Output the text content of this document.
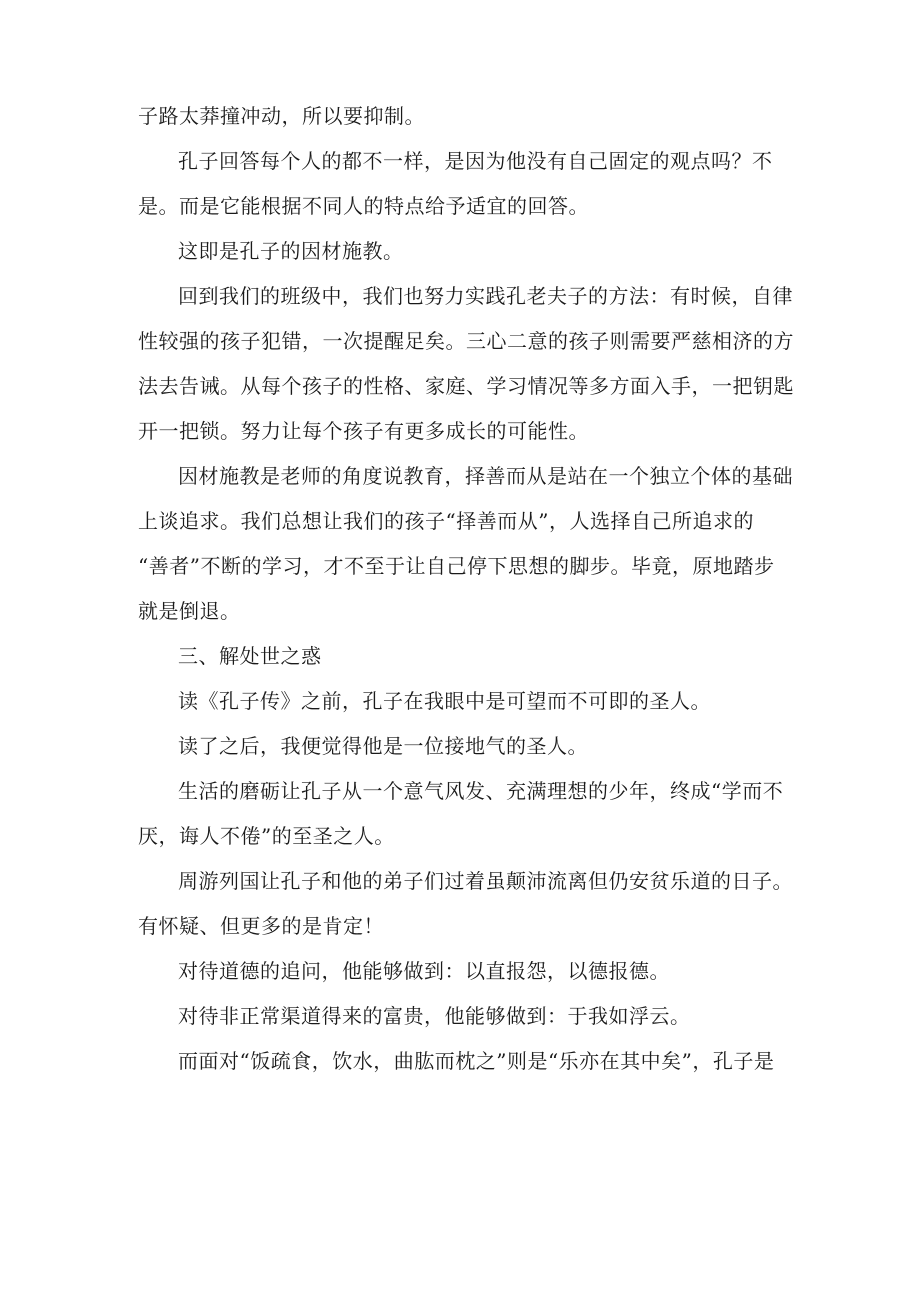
子路太莽撞冲动，所以要抑制。
孔子回答每个人的都不一样，是因为他没有自己固定的观点吗？不
是。而是它能根据不同人的特点给予适宜的回答。
这即是孔子的因材施教。
回到我们的班级中，我们也努力实践孔老夫子的方法：有时候，自律
性较强的孩子犯错，一次提醒足矣。三心二意的孩子则需要严慈相济的方
法去告诫。从每个孩子的性格、家庭、学习情况等多方面入手，一把钥匙
开一把锁。努力让每个孩子有更多成长的可能性。
因材施教是老师的角度说教育，择善而从是站在一个独立个体的基础
上谈追求。我们总想让我们的孩子“择善而从”，人选择自己所追求的
“善者”不断的学习，才不至于让自己停下思想的脚步。毕竟，原地踏步
就是倒退。
三、解处世之惑
读《孔子传》之前，孔子在我眼中是可望而不可即的圣人。
读了之后，我便觉得他是一位接地气的圣人。
生活的磨砺让孔子从一个意气风发、充满理想的少年，终成“学而不
厌，诲人不倦”的至圣之人。
周游列国让孔子和他的弟子们过着虽颠沛流离但仍安贫乐道的日子。
有怀疑、但更多的是肯定！
对待道德的追问，他能够做到：以直报怨，以德报德。
对待非正常渠道得来的富贵，他能够做到：于我如浮云。
而面对“饭疏食，饮水，曲肱而枕之”则是“乐亦在其中矣”，孔子是
